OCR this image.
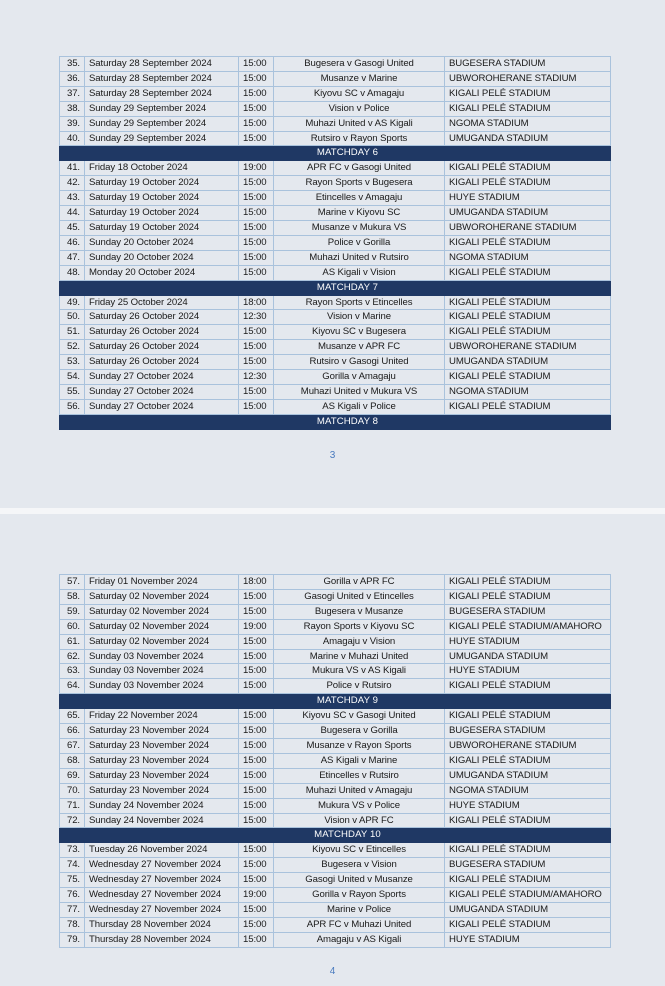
35.	Saturday 28 September 2024	15:00	Bugesera v Gasogi United	BUGESERA STADIUM
36.	Saturday 28 September 2024	15:00	Musanze v Marine	UBWOROHERANE STADIUM
37.	Saturday 28 September 2024	15:00	Kiyovu SC v Amagaju	KIGALI PELÉ STADIUM
38.	Sunday 29 September 2024	15:00	Vision v Police	KIGALI PELÉ STADIUM
39.	Sunday 29 September 2024	15:00	Muhazi United v AS Kigali	NGOMA STADIUM
40.	Sunday 29 September 2024	15:00	Rutsiro v Rayon Sports	UMUGANDA STADIUM
	MATCHDAY 6			
41.	Friday 18 October 2024	19:00	APR FC v Gasogi United	KIGALI PELÉ STADIUM
42.	Saturday 19 October 2024	15:00	Rayon Sports v Bugesera	KIGALI PELÉ STADIUM
43.	Saturday 19 October 2024	15:00	Etincelles v Amagaju	HUYE STADIUM
44.	Saturday 19 October 2024	15:00	Marine v Kiyovu SC	UMUGANDA STADIUM
45.	Saturday 19 October 2024	15:00	Musanze v Mukura VS	UBWOROHERANE STADIUM
46.	Sunday 20 October 2024	15:00	Police v Gorilla	KIGALI PELÉ STADIUM
47.	Sunday 20 October 2024	15:00	Muhazi United v Rutsiro	NGOMA STADIUM
48.	Monday 20 October 2024	15:00	AS Kigali v Vision	KIGALI PELÉ STADIUM
	MATCHDAY 7			
49.	Friday 25 October 2024	18:00	Rayon Sports v Etincelles	KIGALI PELÉ STADIUM
50.	Saturday 26 October 2024	12:30	Vision v Marine	KIGALI PELÉ STADIUM
51.	Saturday 26 October 2024	15:00	Kiyovu SC v Bugesera	KIGALI PELÉ STADIUM
52.	Saturday 26 October 2024	15:00	Musanze v APR FC	UBWOROHERANE STADIUM
53.	Saturday 26 October 2024	15:00	Rutsiro v Gasogi United	UMUGANDA STADIUM
54.	Sunday 27 October 2024	12:30	Gorilla v Amagaju	KIGALI PELÉ STADIUM
55.	Sunday 27 October 2024	15:00	Muhazi United v Mukura VS	NGOMA STADIUM
56.	Sunday 27 October 2024	15:00	AS Kigali v Police	KIGALI PELÉ STADIUM
	MATCHDAY 8			
3
57.	Friday 01 November 2024	18:00	Gorilla v APR FC	KIGALI PELÉ STADIUM
58.	Saturday 02 November 2024	15:00	Gasogi United v Etincelles	KIGALI PELÉ STADIUM
59.	Saturday 02 November 2024	15:00	Bugesera v Musanze	BUGESERA STADIUM
60.	Saturday 02 November 2024	19:00	Rayon Sports v Kiyovu SC	KIGALI PELÉ STADIUM/AMAHORO
61.	Saturday 02 November 2024	15:00	Amagaju v Vision	HUYE STADIUM
62.	Sunday 03 November 2024	15:00	Marine v Muhazi United	UMUGANDA STADIUM
63.	Sunday 03 November 2024	15:00	Mukura VS v AS Kigali	HUYE STADIUM
64.	Sunday 03 November 2024	15:00	Police v Rutsiro	KIGALI PELÉ STADIUM
	MATCHDAY 9			
65.	Friday 22 November 2024	15:00	Kiyovu SC v Gasogi United	KIGALI PELÉ STADIUM
66.	Saturday 23 November 2024	15:00	Bugesera v Gorilla	BUGESERA STADIUM
67.	Saturday 23 November 2024	15:00	Musanze v Rayon Sports	UBWOROHERANE STADIUM
68.	Saturday 23 November 2024	15:00	AS Kigali v Marine	KIGALI PELÉ STADIUM
69.	Saturday 23 November 2024	15:00	Etincelles v Rutsiro	UMUGANDA STADIUM
70.	Saturday 23 November 2024	15:00	Muhazi United v Amagaju	NGOMA STADIUM
71.	Sunday 24 November 2024	15:00	Mukura VS v Police	HUYE STADIUM
72.	Sunday 24 November 2024	15:00	Vision v APR FC	KIGALI PELÉ STADIUM
	MATCHDAY 10			
73.	Tuesday 26 November 2024	15:00	Kiyovu SC v Etincelles	KIGALI PELÉ STADIUM
74.	Wednesday 27 November 2024	15:00	Bugesera v Vision	BUGESERA STADIUM
75.	Wednesday 27 November 2024	15:00	Gasogi United v Musanze	KIGALI PELÉ STADIUM
76.	Wednesday 27 November 2024	19:00	Gorilla v Rayon Sports	KIGALI PELÉ STADIUM/AMAHORO
77.	Wednesday 27 November 2024	15:00	Marine v Police	UMUGANDA STADIUM
78.	Thursday 28 November 2024	15:00	APR FC v Muhazi United	KIGALI PELÉ STADIUM
79.	Thursday 28 November 2024	15:00	Amagaju v AS Kigali	HUYE STADIUM
4
